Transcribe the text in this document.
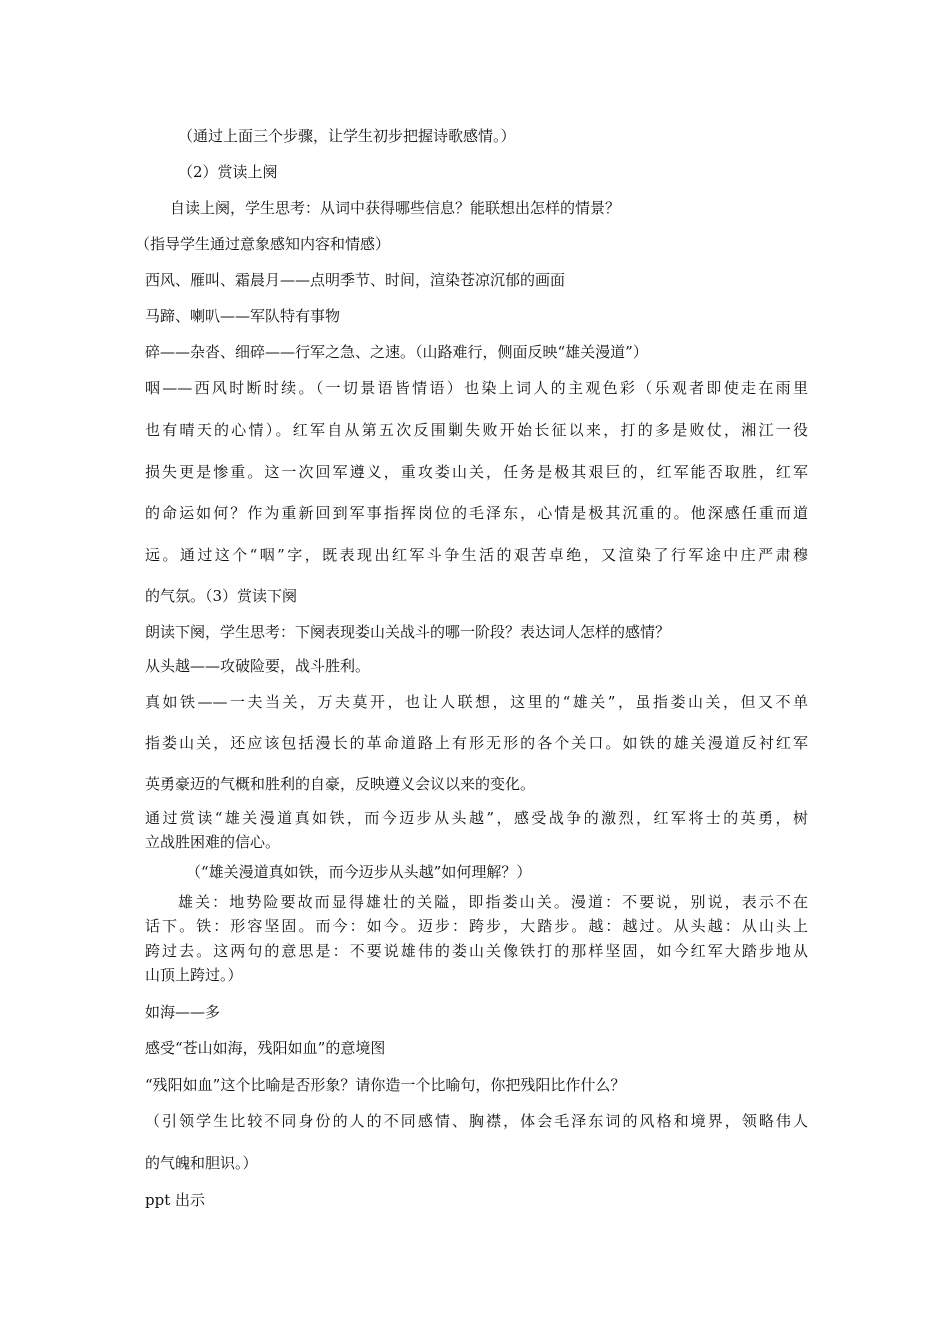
（通过上面三个步骤，让学生初步把握诗歌感情。）
（2）赏读上阕
自读上阕，学生思考：从词中获得哪些信息？能联想出怎样的情景？
（指导学生通过意象感知内容和情感）
西风、雁叫、霜晨月——点明季节、时间，渲染苍凉沉郁的画面
马蹄、喇叭——军队特有事物
碎——杂沓、细碎——行军之急、之速。（山路难行，侧面反映“雄关漫道”）
咽——西风时断时续。（一切景语皆情语）也染上词人的主观色彩（乐观者即使走在雨里
也有晴天的心情）。红军自从第五次反围剿失败开始长征以来，打的多是败仗，湘江一役
损失更是惨重。这一次回军遵义，重攻娄山关，任务是极其艰巨的，红军能否取胜，红军
的命运如何？作为重新回到军事指挥岗位的毛泽东，心情是极其沉重的。他深感任重而道
远。通过这个“咽”字，既表现出红军斗争生活的艰苦卓绝，又渲染了行军途中庄严肃穆
的气氛。（3）赏读下阕
朗读下阕，学生思考：下阕表现娄山关战斗的哪一阶段？表达词人怎样的感情？
从头越——攻破险要，战斗胜利。
真如铁——一夫当关，万夫莫开，也让人联想，这里的“雄关”，虽指娄山关，但又不单
指娄山关，还应该包括漫长的革命道路上有形无形的各个关口。如铁的雄关漫道反衬红军
英勇豪迈的气概和胜利的自豪，反映遵义会议以来的变化。
通过赏读“雄关漫道真如铁，而今迈步从头越”，感受战争的激烈，红军将士的英勇，树
立战胜困难的信心。
（“雄关漫道真如铁，而今迈步从头越”如何理解？）
雄关：地势险要故而显得雄壮的关隘，即指娄山关。漫道：不要说，别说，表示不在
话下。铁：形容坚固。而今：如今。迈步：跨步，大踏步。越：越过。从头越：从山头上
跨过去。这两句的意思是：不要说雄伟的娄山关像铁打的那样坚固，如今红军大踏步地从
山顶上跨过。）
如海——多
感受“苍山如海，残阳如血”的意境图
“残阳如血”这个比喻是否形象？请你造一个比喻句，你把残阳比作什么？
（引领学生比较不同身份的人的不同感情、胸襟，体会毛泽东词的风格和境界，领略伟人
的气魄和胆识。）
ppt 出示
